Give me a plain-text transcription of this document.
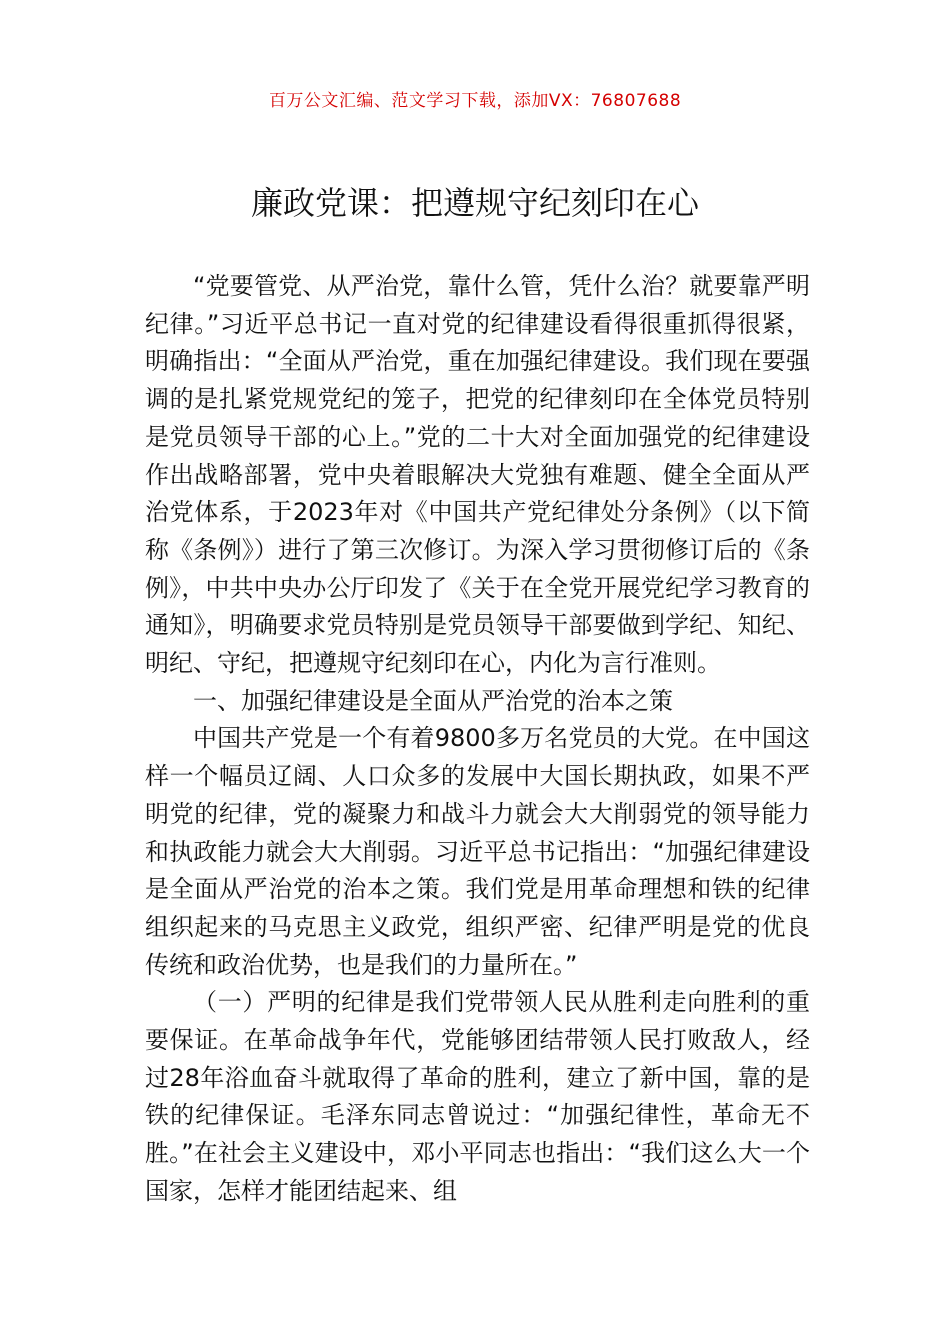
百万公文汇编、范文学习下载，添加VX：76807688
廉政党课：把遵规守纪刻印在心

“党要管党、从严治党，靠什么管，凭什么治？就要靠严明纪律。”习近平总书记一直对党的纪律建设看得很重抓得很紧，明确指出：“全面从严治党，重在加强纪律建设。我们现在要强调的是扎紧党规党纪的笼子，把党的纪律刻印在全体党员特别是党员领导干部的心上。”党的二十大对全面加强党的纪律建设作出战略部署，党中央着眼解决大党独有难题、健全全面从严治党体系，于2023年对《中国共产党纪律处分条例》（以下简称《条例》）进行了第三次修订。为深入学习贯彻修订后的《条例》，中共中央办公厅印发了《关于在全党开展党纪学习教育的通知》，明确要求党员特别是党员领导干部要做到学纪、知纪、明纪、守纪，把遵规守纪刻印在心，内化为言行准则。

一、加强纪律建设是全面从严治党的治本之策

中国共产党是一个有着9800多万名党员的大党。在中国这样一个幅员辽阔、人口众多的发展中大国长期执政，如果不严明党的纪律，党的凝聚力和战斗力就会大大削弱党的领导能力和执政能力就会大大削弱。习近平总书记指出：“加强纪律建设是全面从严治党的治本之策。我们党是用革命理想和铁的纪律组织起来的马克思主义政党，组织严密、纪律严明是党的优良传统和政治优势，也是我们的力量所在。”

（一）严明的纪律是我们党带领人民从胜利走向胜利的重要保证。在革命战争年代，党能够团结带领人民打败敌人，经过28年浴血奋斗就取得了革命的胜利，建立了新中国，靠的是铁的纪律保证。毛泽东同志曾说过：“加强纪律性，革命无不胜。”在社会主义建设中，邓小平同志也指出：“我们这么大一个国家，怎样才能团结起来、组
